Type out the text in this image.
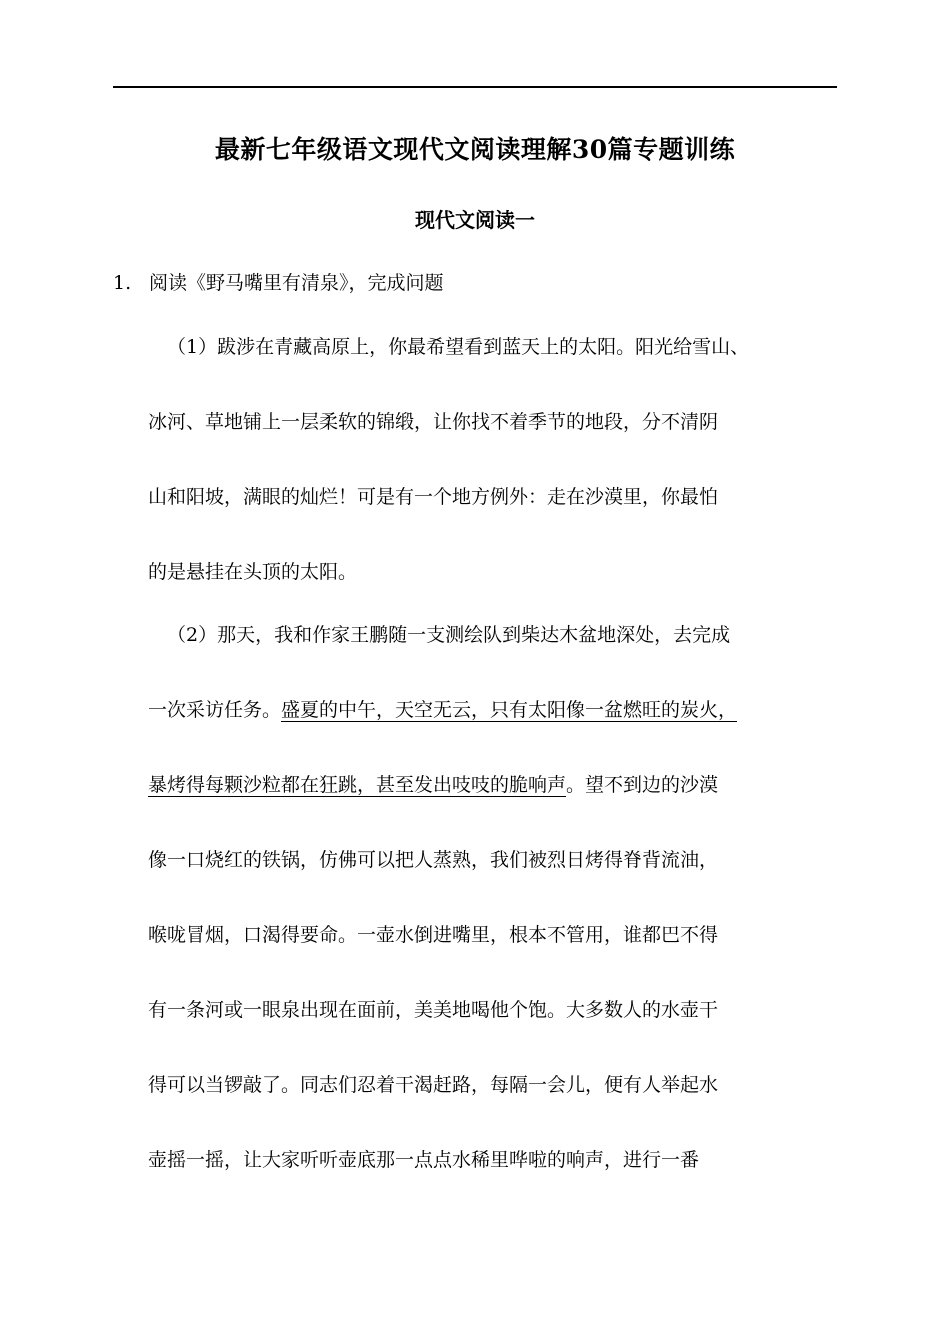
最新七年级语文现代文阅读理解30篇专题训练
现代文阅读一
1. 阅读《野马嘴里有清泉》，完成问题
（1）跋涉在青藏高原上，你最希望看到蓝天上的太阳。阳光给雪山、
冰河、草地铺上一层柔软的锦缎，让你找不着季节的地段，分不清阴
山和阳坡，满眼的灿烂！可是有一个地方例外：走在沙漠里，你最怕
的是悬挂在头顶的太阳。
（2）那天，我和作家王鹏随一支测绘队到柴达木盆地深处，去完成
一次采访任务。盛夏的中午，天空无云，只有太阳像一盆燃旺的炭火，
暴烤得每颗沙粒都在狂跳，甚至发出吱吱的脆响声。望不到边的沙漠
像一口烧红的铁锅，仿佛可以把人蒸熟，我们被烈日烤得脊背流油，
喉咙冒烟，口渴得要命。一壶水倒进嘴里，根本不管用，谁都巴不得
有一条河或一眼泉出现在面前，美美地喝他个饱。大多数人的水壶干
得可以当锣敲了。同志们忍着干渴赶路，每隔一会儿，便有人举起水
壶摇一摇，让大家听听壶底那一点点水稀里哗啦的响声，进行一番
